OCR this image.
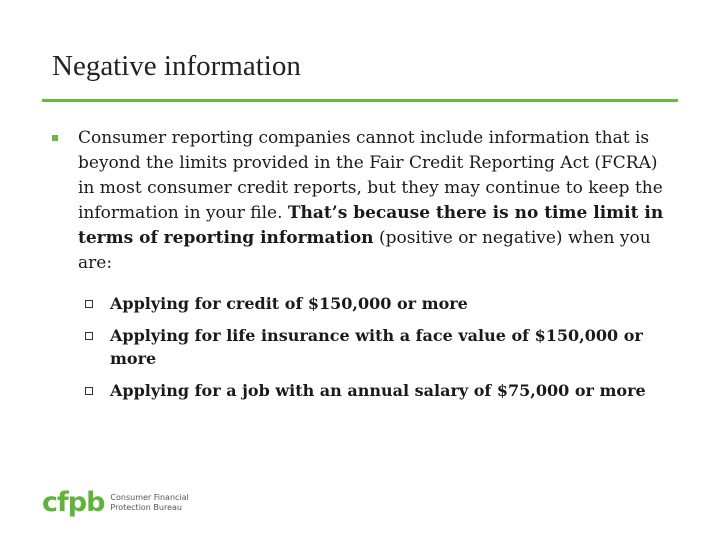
Negative information
Consumer reporting companies cannot include information that is beyond the limits provided in the Fair Credit Reporting Act (FCRA) in most consumer credit reports, but they may continue to keep the information in your file. That’s because there is no time limit in terms of reporting information (positive or negative) when you are:
Applying for credit of $150,000 or more
Applying for life insurance with a face value of $150,000 or more
Applying for a job with an annual salary of $75,000 or more
cfpb Consumer Financial
Protection Bureau
